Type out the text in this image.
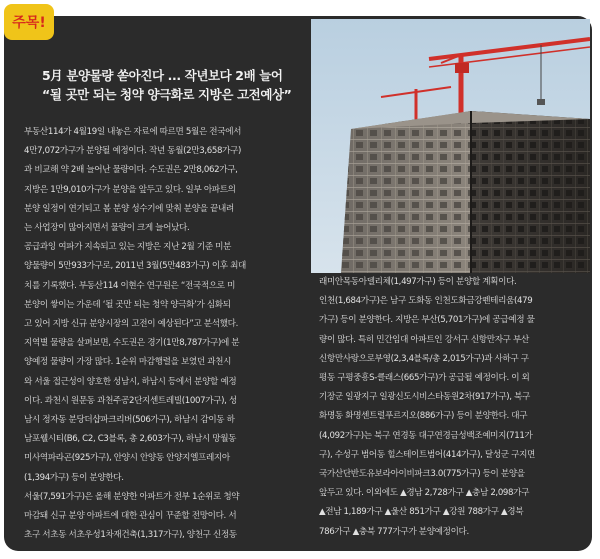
주목!
5月 분양물량 쏟아진다 ... 작년보다 2배 늘어
“될 곳만 되는 청약 양극화로 지방은 고전예상”

부동산114가 4월19일 내놓은 자료에 따르면 5월은 전국에서

4만7,072가구가 분양될 예정이다. 작년 동월(2만3,658가구)

과 비교해 약 2배 늘어난 물량이다. 수도권은 2만8,062가구,

지방은 1만9,010가구가 분양을 앞두고 있다. 일부 아파트의

분양 일정이 연기되고 봄 분양 성수기에 맞춰 분양을 끝내려

는 사업장이 많아지면서 물량이 크게 늘어났다.

공급과잉 여파가 지속되고 있는 지방은 지난 2월 기준 미분

양물량이 5만933가구로, 2011년 3월(5만483가구) 이후 최대

치를 기록했다. 부동산114 이현수 연구원은 “전국적으로 미

분양이 쌓이는 가운데 ‘될 곳만 되는 청약 양극화’가 심화되

고 있어 지방 신규 분양시장의 고전이 예상된다”고 분석했다.

지역별 물량을 살펴보면, 수도권은 경기(1만8,787가구)에 분

양예정 물량이 가장 많다. 1순위 마감행렬을 보였던 과천시

와 서울 접근성이 양호한 성남시, 하남시 등에서 분양할 예정

이다. 과천시 원문동 과천주공2단지센트레빌(1007가구), 성

남시 정자동 분당더샵파크리버(506가구), 하남시 감이동 하

남포웰시티(B6, C2, C3블록, 총 2,603가구), 하남시 망월동

미사역파라곤(925가구), 안양시 안양동 안양지엘프레지아

(1,394가구) 등이 분양한다.

서울(7,591가구)은 올해 분양한 아파트가 전부 1순위로 청약

마감돼 신규 분양 아파트에 대한 관심이 꾸준할 전망이다. 서

초구 서초동 서초우성1차재건축(1,317가구), 양천구 신정동

래미안목동아델리체(1,497가구) 등이 분양할 계획이다.

인천(1,684가구)은 남구 도화동 인천도화금강펜테리움(479

가구) 등이 분양한다. 지방은 부산(5,701가구)에 공급예정 물

량이 많다. 특히 민간임대 아파트인 강서구 신항만자구 부산

신항만사랑으로부영(2,3,4블록/총 2,015가구)과 사하구 구

평동 구평중흥S-클래스(665가구)가 공급될 예정이다. 이 외

기장군 일광지구 일광신도시비스타동원2차(917가구), 북구

화명동 화명센트럴푸르지오(886가구) 등이 분양한다. 대구

(4,092가구)는 북구 연경동 대구연경금성백조예미지(711가

구), 수성구 범어동 힐스테이트범어(414가구), 달성군 구지면

국가산단반도유보라아이비파크3.0(775가구) 등이 분양을

앞두고 있다. 이외에도 ▲경남 2,728가구 ▲충남 2,098가구

▲전남 1,189가구 ▲울산 851가구 ▲강원 788가구 ▲경북

786가구 ▲충북 777가구가 분양예정이다.
